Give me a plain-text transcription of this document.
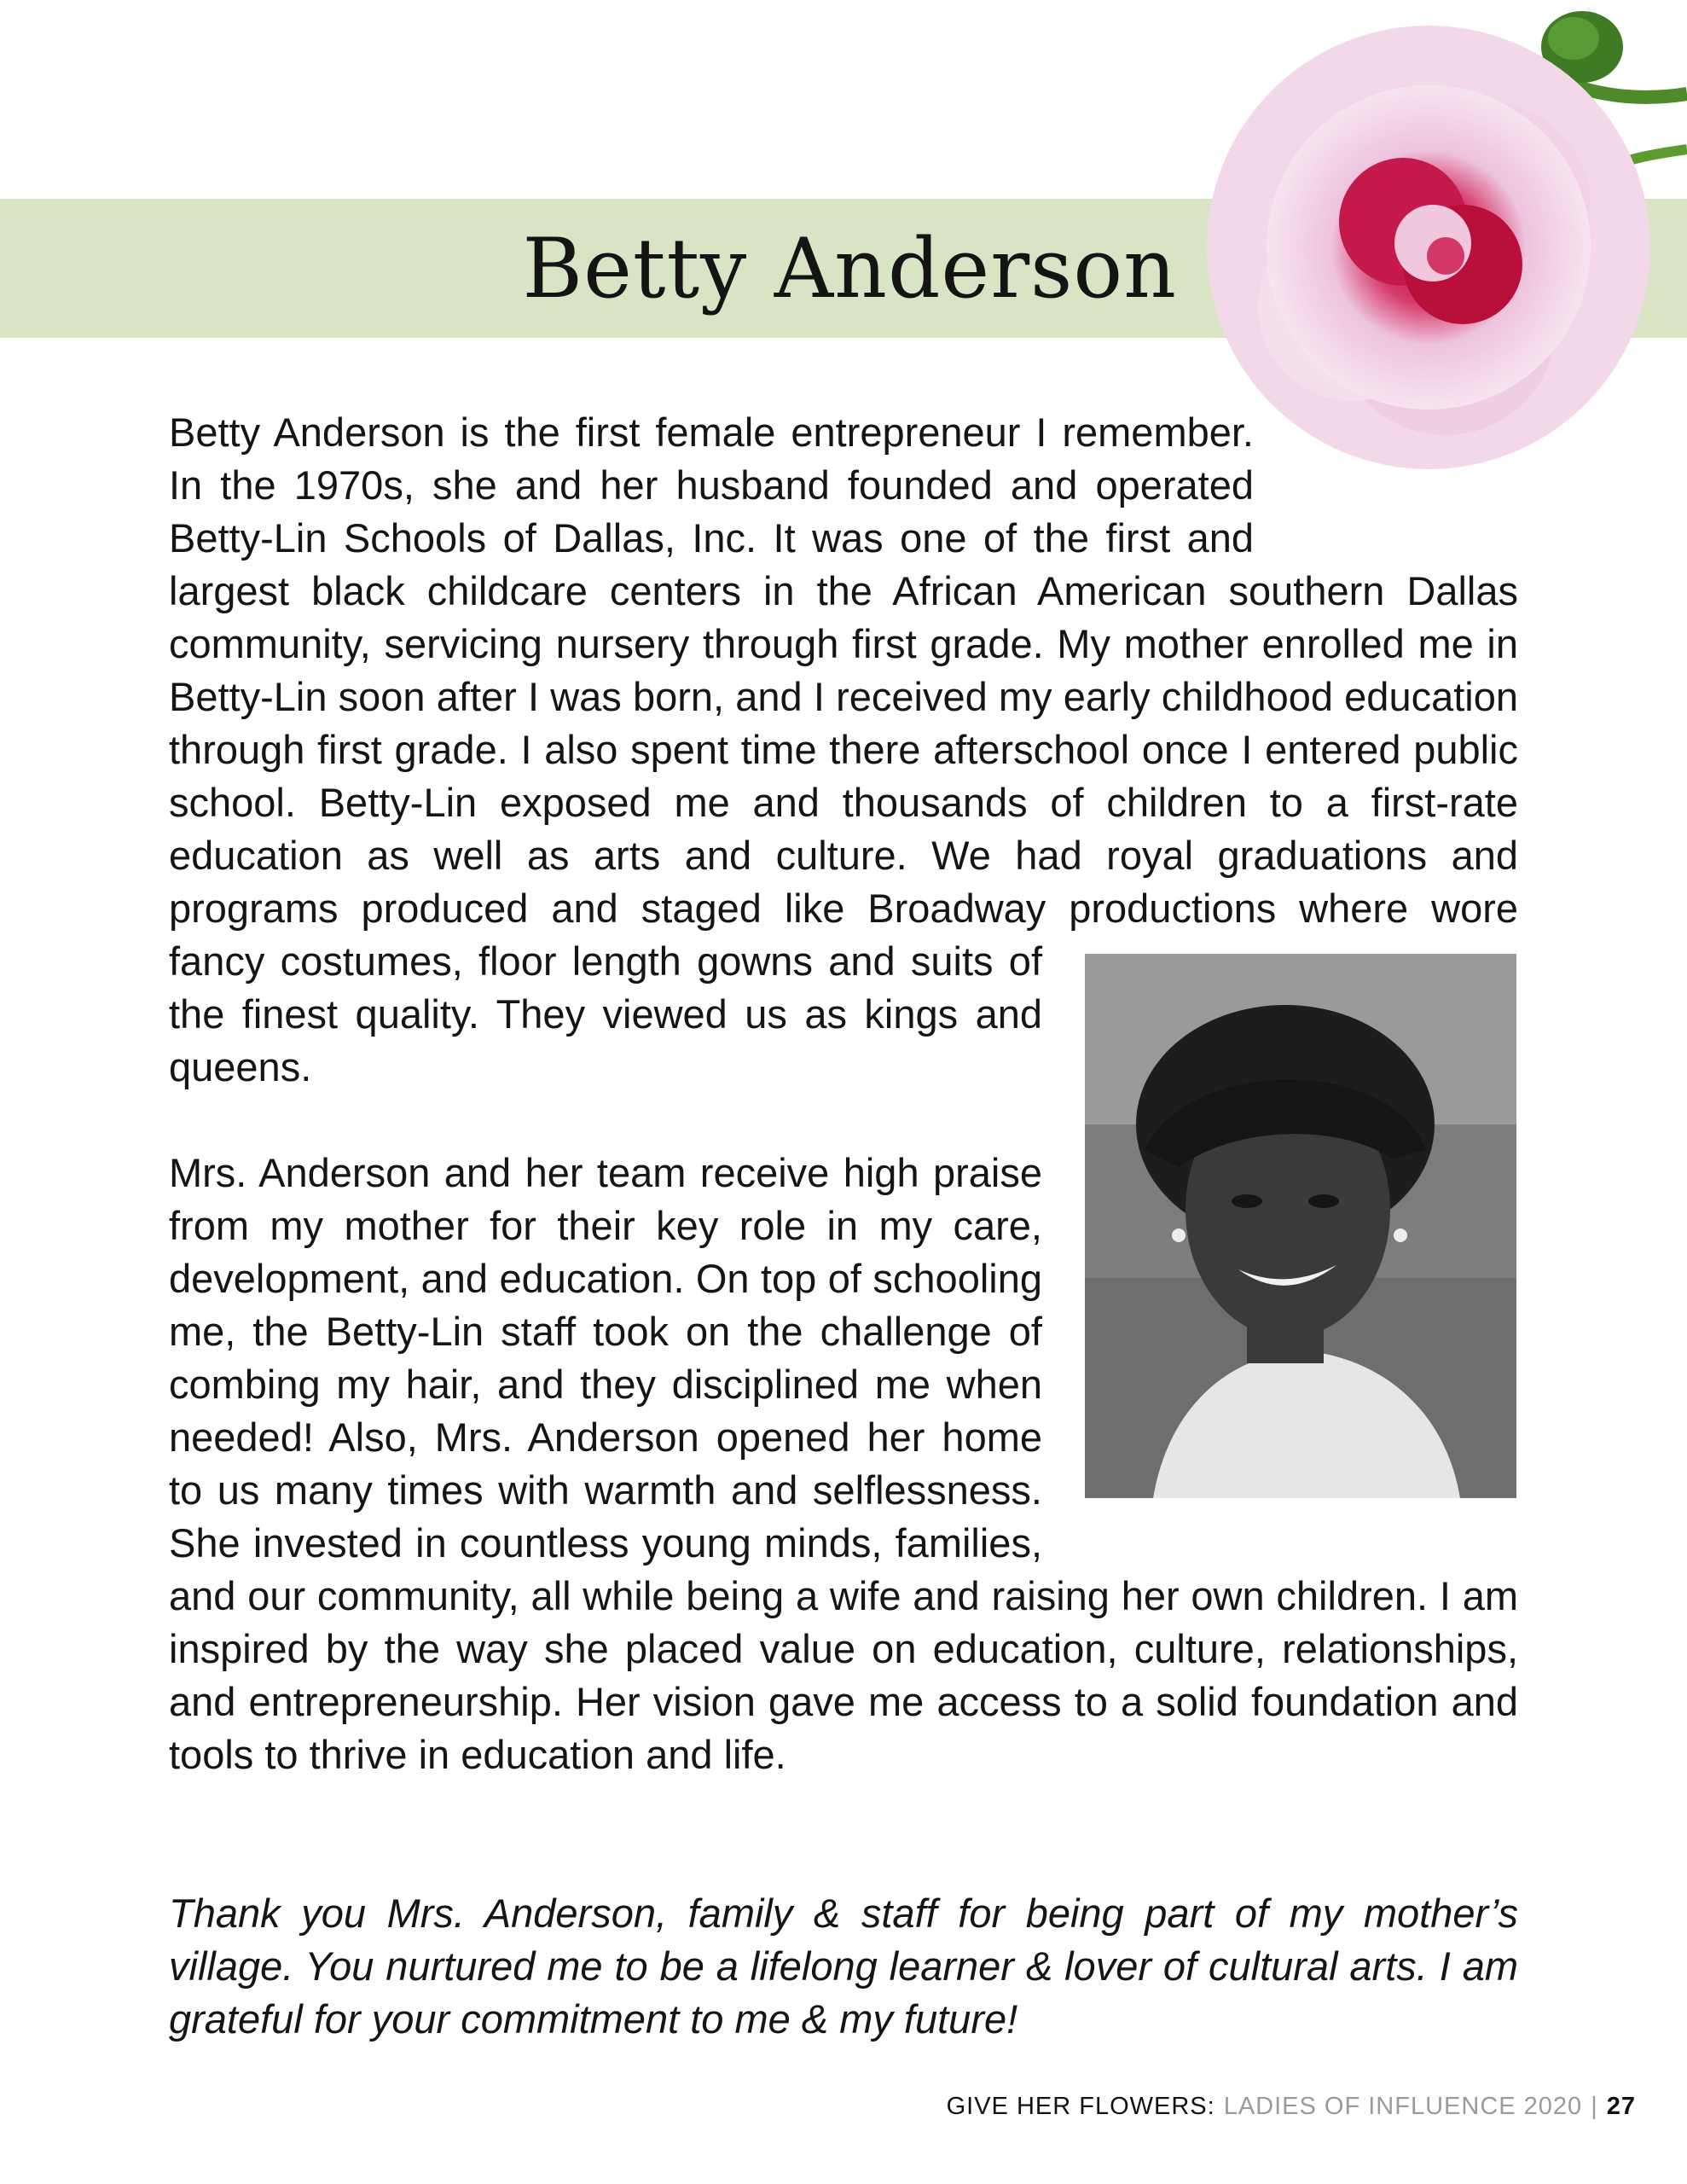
Betty Anderson

Betty Anderson is the first female entrepreneur I remember. In the 1970s, she and her husband founded and operated Betty-Lin Schools of Dallas, Inc. It was one of the first and largest black childcare centers in the African American southern Dallas community, servicing nursery through first grade. My mother enrolled me in Betty-Lin soon after I was born, and I received my early childhood education through first grade. I also spent time there afterschool once I entered public school. Betty-Lin exposed me and thousands of children to a first-rate education as well as arts and culture. We had royal graduations and programs produced and staged like Broadway productions where wore fancy costumes, floor length gowns and suits of the finest quality. They viewed us as kings and queens.

Mrs. Anderson and her team receive high praise from my mother for their key role in my care, development, and education. On top of schooling me, the Betty-Lin staff took on the challenge of combing my hair, and they disciplined me when needed! Also, Mrs. Anderson opened her home to us many times with warmth and selflessness. She invested in countless young minds, families, and our community, all while being a wife and raising her own children. I am inspired by the way she placed value on education, culture, relationships, and entrepreneurship. Her vision gave me access to a solid foundation and tools to thrive in education and life.

Thank you Mrs. Anderson, family & staff for being part of my mother’s village. You nurtured me to be a lifelong learner & lover of cultural arts. I am grateful for your commitment to me & my future!

GIVE HER FLOWERS: LADIES OF INFLUENCE 2020 | 27
